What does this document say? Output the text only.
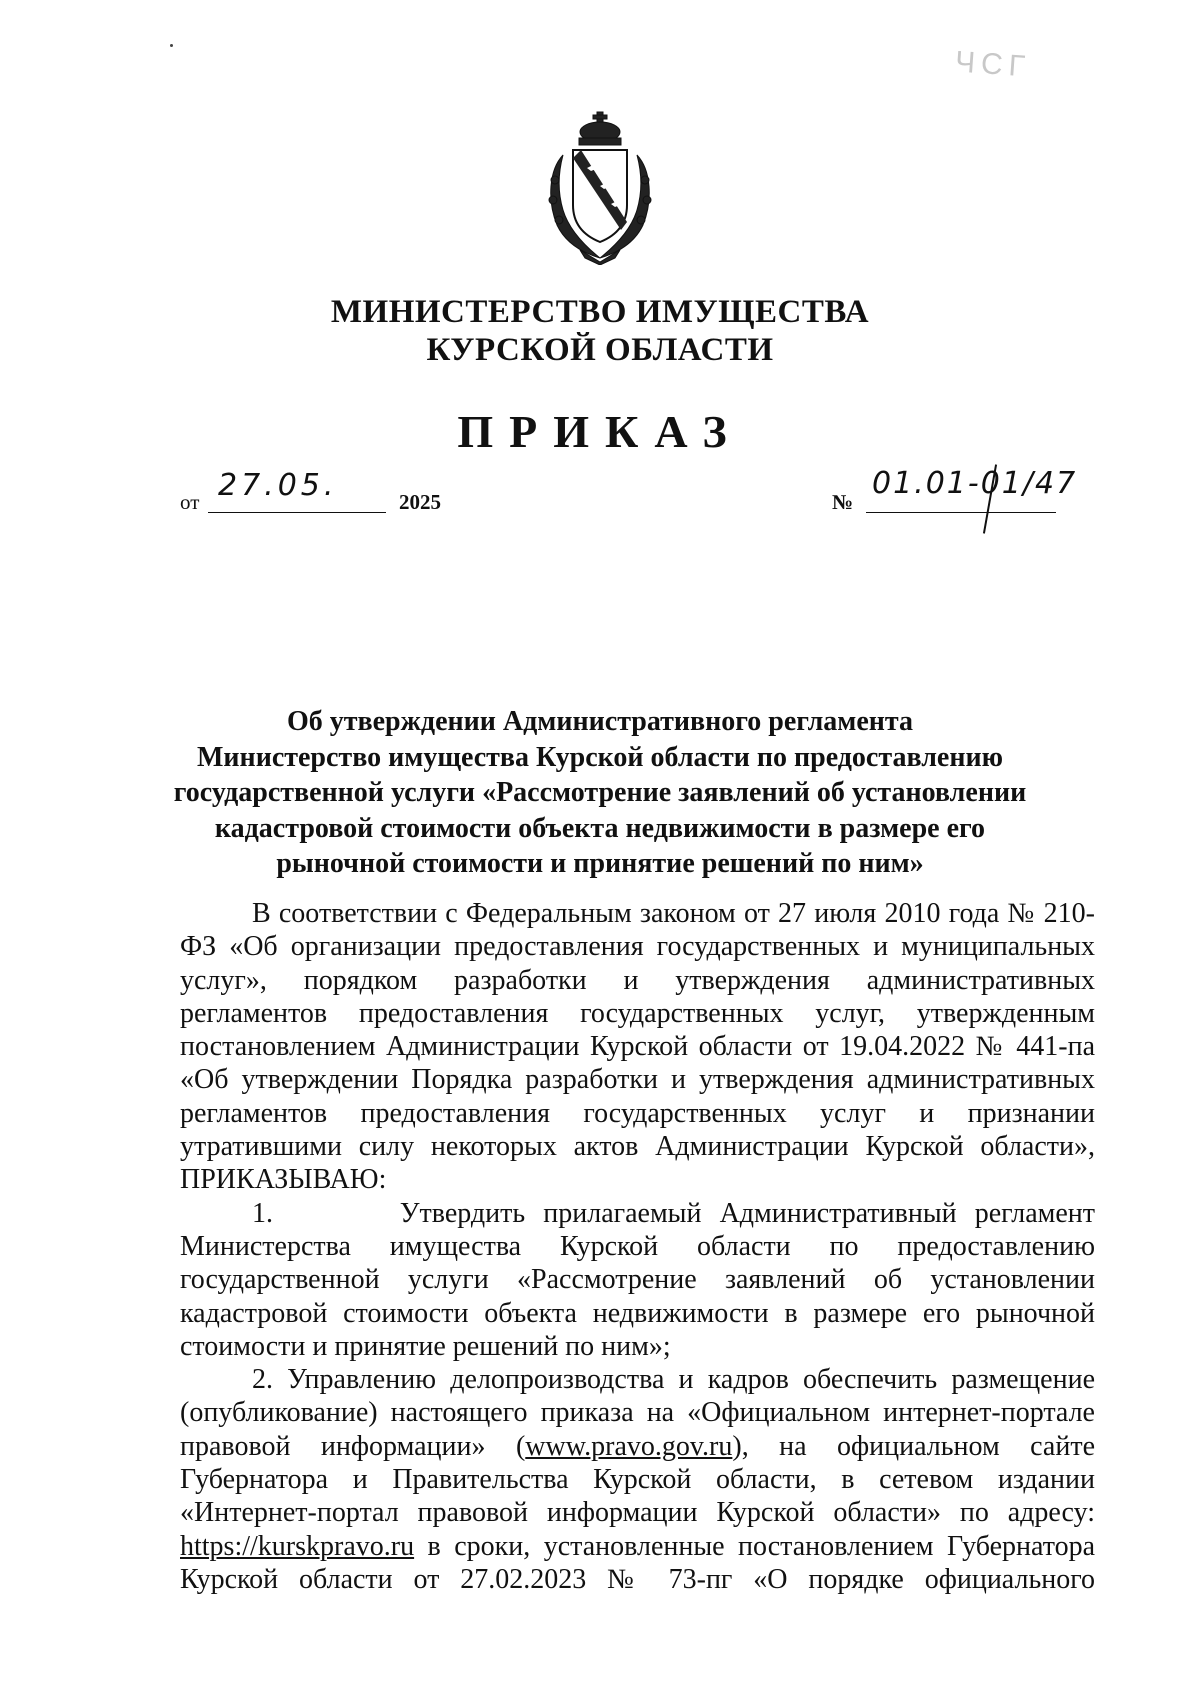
ЧСГ
МИНИСТЕРСТВО ИМУЩЕСТВА
КУРСКОЙ ОБЛАСТИ
ПРИКАЗ
от 27.05.	2025	№
01.01-01/47
Об утверждении Административного регламента
Министерство имущества Курской области по предоставлению
государственной услуги «Рассмотрение заявлений об установлении
кадастровой стоимости объекта недвижимости в размере его
рыночной стоимости и принятие решений по ним»
В соответствии с Федеральным законом от 27 июля 2010 года № 210-
ФЗ «Об организации предоставления государственных и муниципальных
услуг», порядком разработки и утверждения административных
регламентов предоставления государственных услуг, утвержденным
постановлением Администрации Курской области от 19.04.2022 № 441-па
«Об утверждении Порядка разработки и утверждения административных
регламентов предоставления государственных услуг и признании
утратившими силу некоторых актов Администрации Курской области»,
ПРИКАЗЫВАЮ:
1.	Утвердить прилагаемый Административный регламент
Министерства имущества Курской области по предоставлению
государственной услуги «Рассмотрение заявлений об установлении
кадастровой стоимости объекта недвижимости в размере его рыночной
стоимости и принятие решений по ним»;
2. Управлению делопроизводства и кадров обеспечить размещение
(опубликование) настоящего приказа на «Официальном интернет-портале
правовой информации» (www.pravo.gov.ru), на официальном сайте
Губернатора и Правительства Курской области, в сетевом издании
«Интернет-портал правовой информации Курской области» по адресу:
https://kurskpravo.ru в сроки, установленные постановлением Губернатора
Курской области от 27.02.2023 № 73-пг «О порядке официального
